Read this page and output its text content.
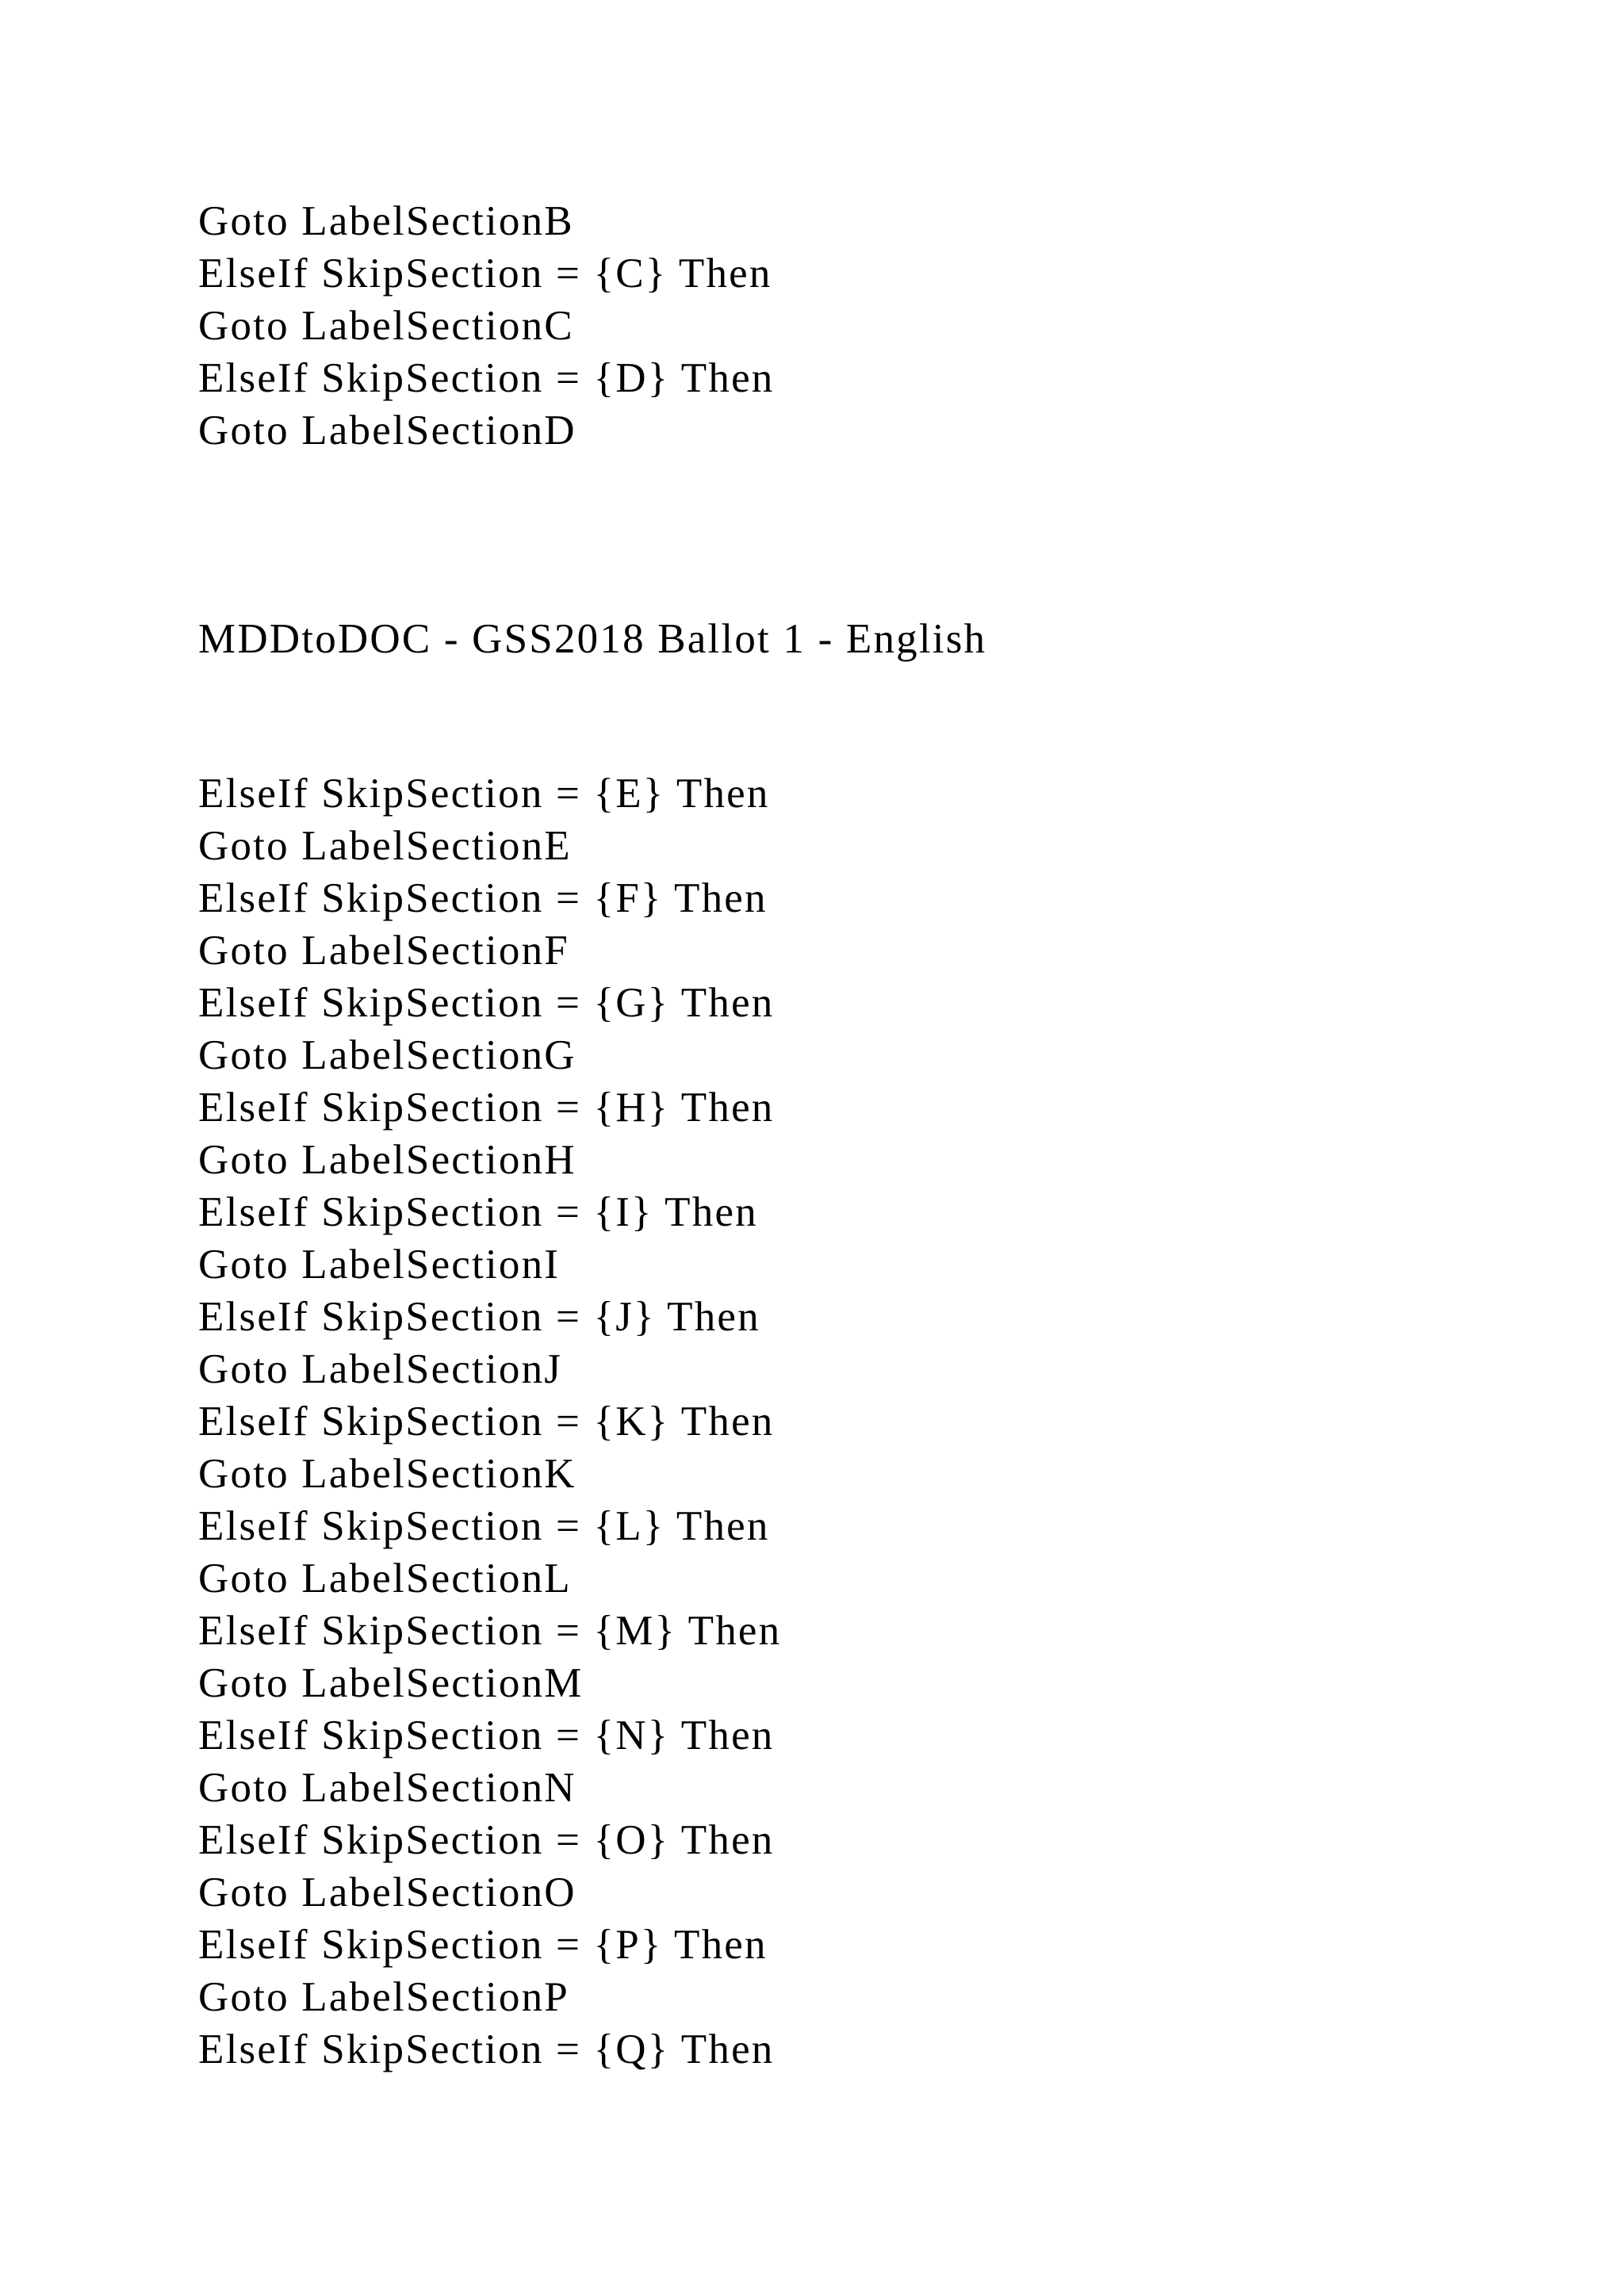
Goto LabelSectionB
ElseIf SkipSection = {C} Then
Goto LabelSectionC
ElseIf SkipSection = {D} Then
Goto LabelSectionD
MDDtoDOC - GSS2018 Ballot 1 - English
ElseIf SkipSection = {E} Then
Goto LabelSectionE
ElseIf SkipSection = {F} Then
Goto LabelSectionF
ElseIf SkipSection = {G} Then
Goto LabelSectionG
ElseIf SkipSection = {H} Then
Goto LabelSectionH
ElseIf SkipSection = {I} Then
Goto LabelSectionI
ElseIf SkipSection = {J} Then
Goto LabelSectionJ
ElseIf SkipSection = {K} Then
Goto LabelSectionK
ElseIf SkipSection = {L} Then
Goto LabelSectionL
ElseIf SkipSection = {M} Then
Goto LabelSectionM
ElseIf SkipSection = {N} Then
Goto LabelSectionN
ElseIf SkipSection = {O} Then
Goto LabelSectionO
ElseIf SkipSection = {P} Then
Goto LabelSectionP
ElseIf SkipSection = {Q} Then
